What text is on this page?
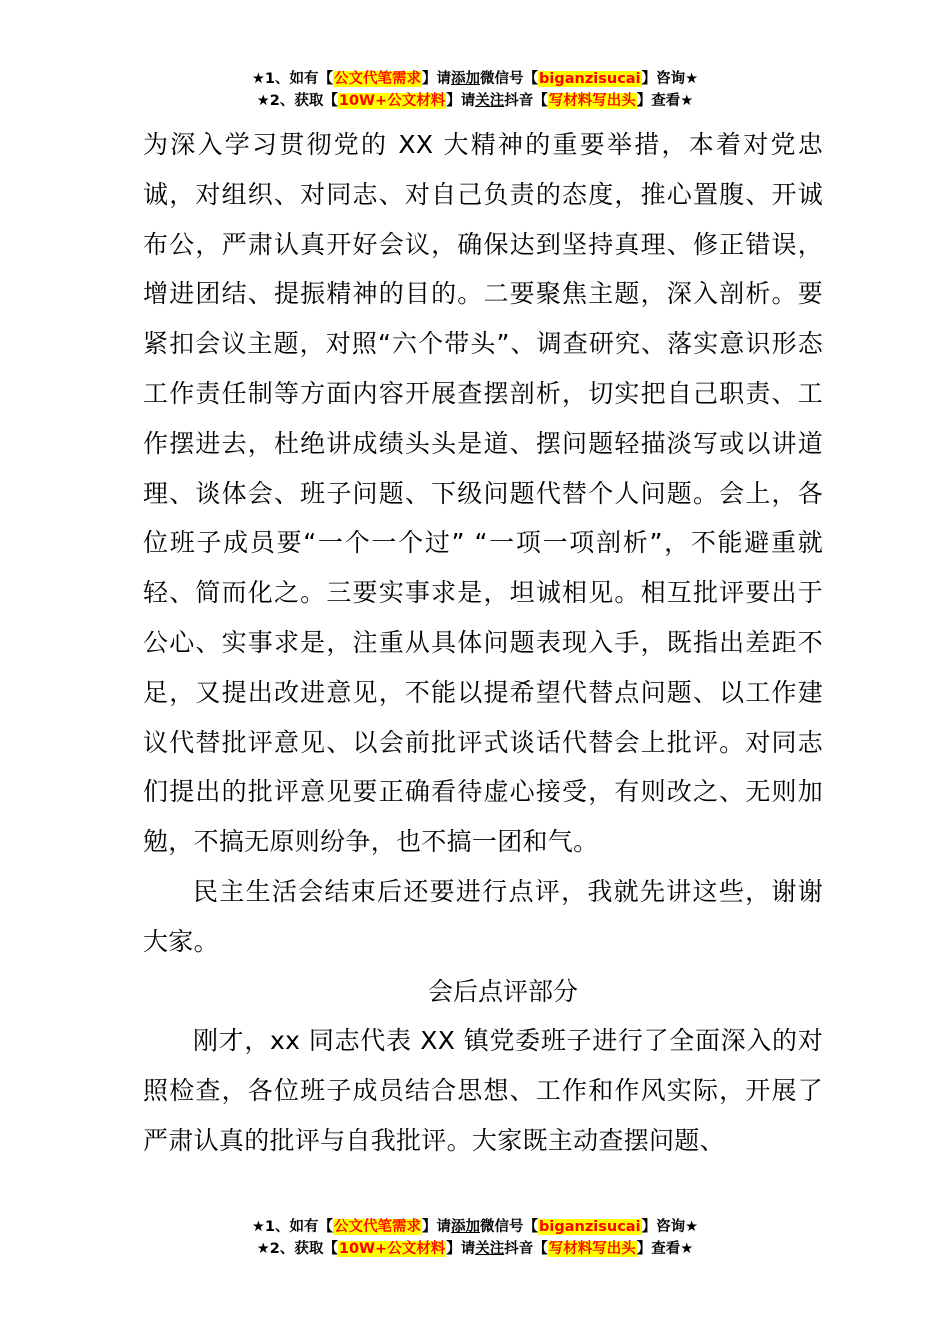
★1、如有【公文代笔需求】请添加微信号【biganzisucai】咨询★
★2、获取【10W+公文材料】请关注抖音【写材料写出头】查看★

为深入学习贯彻党的 XX 大精神的重要举措，本着对党忠诚，对组织、对同志、对自己负责的态度，推心置腹、开诚布公，严肃认真开好会议，确保达到坚持真理、修正错误，增进团结、提振精神的目的。二要聚焦主题，深入剖析。要紧扣会议主题，对照“六个带头”、调查研究、落实意识形态工作责任制等方面内容开展查摆剖析，切实把自己职责、工作摆进去，杜绝讲成绩头头是道、摆问题轻描淡写或以讲道理、谈体会、班子问题、下级问题代替个人问题。会上，各位班子成员要“一个一个过” “一项一项剖析”，不能避重就轻、简而化之。三要实事求是，坦诚相见。相互批评要出于公心、实事求是，注重从具体问题表现入手，既指出差距不足，又提出改进意见，不能以提希望代替点问题、以工作建议代替批评意见、以会前批评式谈话代替会上批评。对同志们提出的批评意见要正确看待虚心接受，有则改之、无则加勉，不搞无原则纷争，也不搞一团和气。

民主生活会结束后还要进行点评，我就先讲这些，谢谢大家。

会后点评部分

刚才，xx 同志代表 XX 镇党委班子进行了全面深入的对照检查，各位班子成员结合思想、工作和作风实际，开展了严肃认真的批评与自我批评。大家既主动查摆问题、

★1、如有【公文代笔需求】请添加微信号【biganzisucai】咨询★
★2、获取【10W+公文材料】请关注抖音【写材料写出头】查看★
